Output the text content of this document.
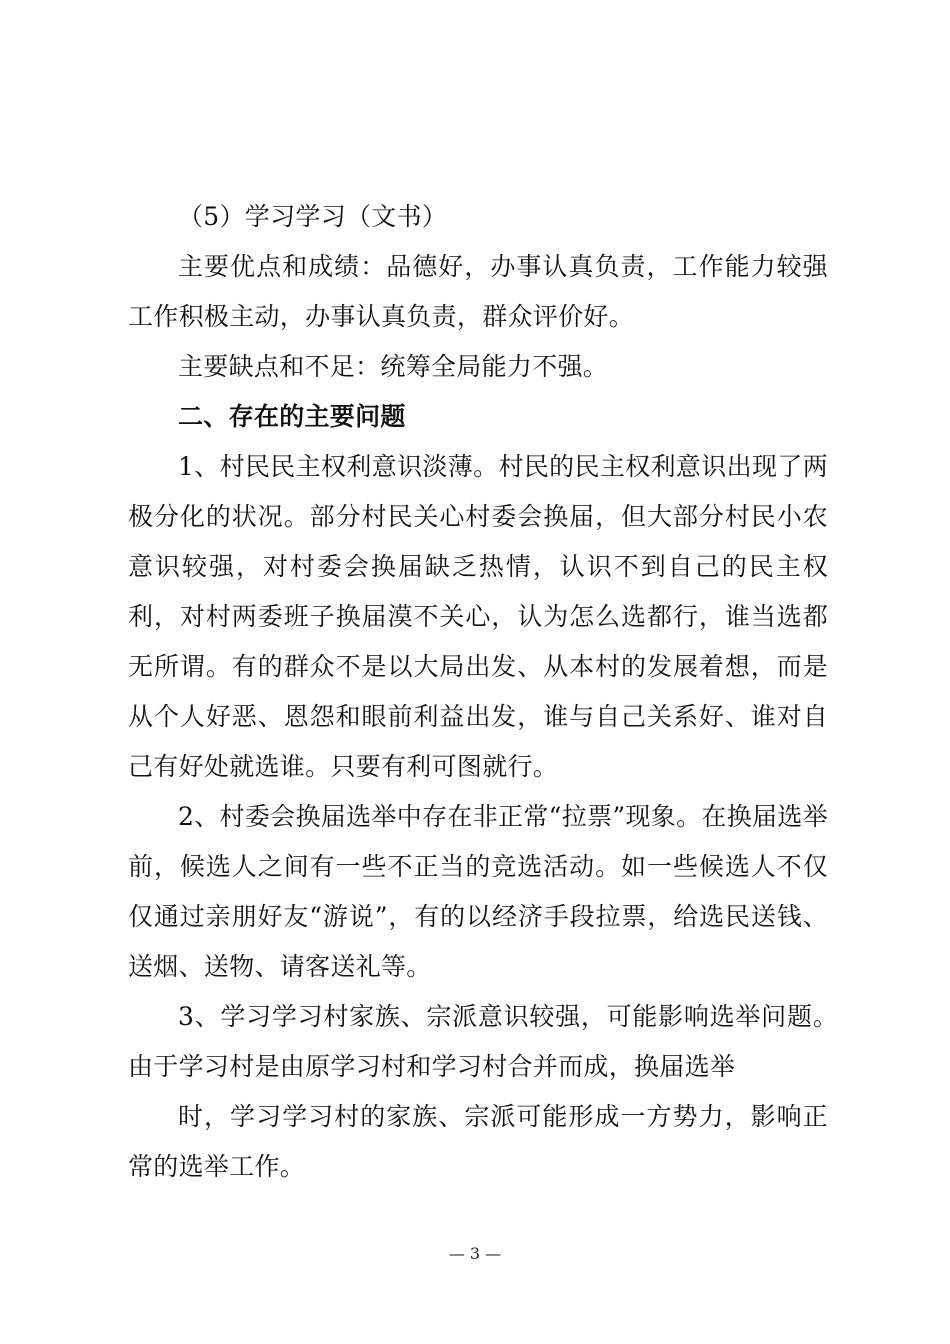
（5）学习学习（文书）

主要优点和成绩：品德好，办事认真负责，工作能力较强工作积极主动，办事认真负责，群众评价好。

主要缺点和不足：统筹全局能力不强。

二、存在的主要问题

1、村民民主权利意识淡薄。村民的民主权利意识出现了两极分化的状况。部分村民关心村委会换届，但大部分村民小农意识较强，对村委会换届缺乏热情，认识不到自己的民主权利，对村两委班子换届漠不关心，认为怎么选都行，谁当选都无所谓。有的群众不是以大局出发、从本村的发展着想，而是从个人好恶、恩怨和眼前利益出发，谁与自己关系好、谁对自己有好处就选谁。只要有利可图就行。

2、村委会换届选举中存在非正常“拉票”现象。在换届选举前，候选人之间有一些不正当的竞选活动。如一些候选人不仅仅通过亲朋好友“游说”，有的以经济手段拉票，给选民送钱、送烟、送物、请客送礼等。

3、学习学习村家族、宗派意识较强，可能影响选举问题。由于学习村是由原学习村和学习村合并而成，换届选举

时，学习学习村的家族、宗派可能形成一方势力，影响正常的选举工作。

— 3 —
